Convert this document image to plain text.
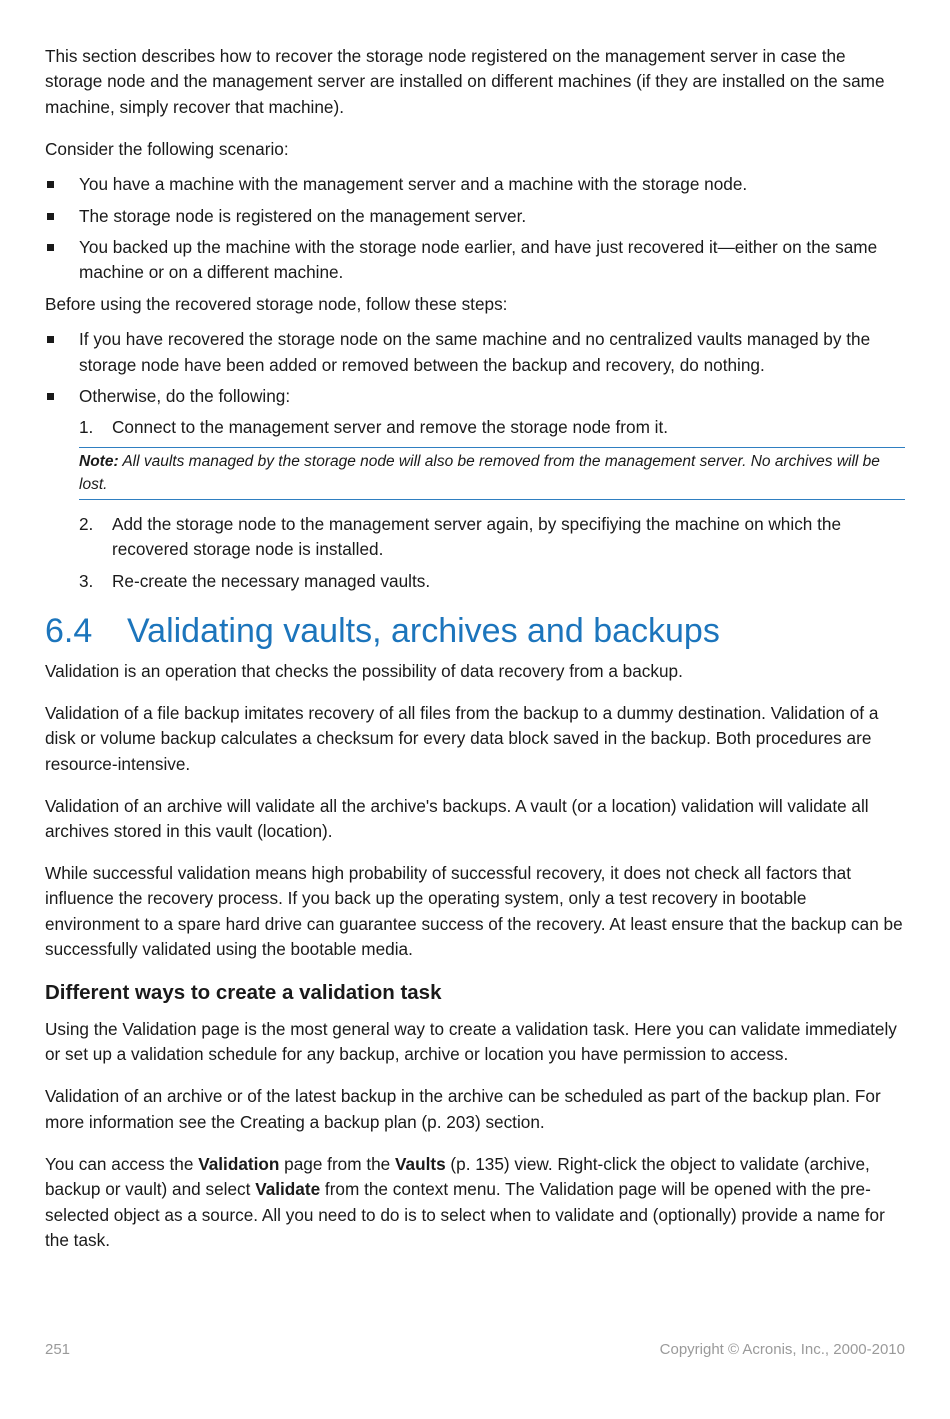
This section describes how to recover the storage node registered on the management server in case the storage node and the management server are installed on different machines (if they are installed on the same machine, simply recover that machine).

Consider the following scenario:

You have a machine with the management server and a machine with the storage node.
The storage node is registered on the management server.
You backed up the machine with the storage node earlier, and have just recovered it—either on the same machine or on a different machine.

Before using the recovered storage node, follow these steps:

If you have recovered the storage node on the same machine and no centralized vaults managed by the storage node have been added or removed between the backup and recovery, do nothing.
Otherwise, do the following:
1. Connect to the management server and remove the storage node from it.
Note: All vaults managed by the storage node will also be removed from the management server. No archives will be lost.
2. Add the storage node to the management server again, by specifiying the machine on which the recovered storage node is installed.
3. Re-create the necessary managed vaults.
6.4 Validating vaults, archives and backups

Validation is an operation that checks the possibility of data recovery from a backup.

Validation of a file backup imitates recovery of all files from the backup to a dummy destination. Validation of a disk or volume backup calculates a checksum for every data block saved in the backup. Both procedures are resource-intensive.

Validation of an archive will validate all the archive's backups. A vault (or a location) validation will validate all archives stored in this vault (location).

While successful validation means high probability of successful recovery, it does not check all factors that influence the recovery process. If you back up the operating system, only a test recovery in bootable environment to a spare hard drive can guarantee success of the recovery. At least ensure that the backup can be successfully validated using the bootable media.

Different ways to create a validation task

Using the Validation page is the most general way to create a validation task. Here you can validate immediately or set up a validation schedule for any backup, archive or location you have permission to access.

Validation of an archive or of the latest backup in the archive can be scheduled as part of the backup plan. For more information see the Creating a backup plan (p. 203) section.

You can access the Validation page from the Vaults (p. 135) view. Right-click the object to validate (archive, backup or vault) and select Validate from the context menu. The Validation page will be opened with the pre-selected object as a source. All you need to do is to select when to validate and (optionally) provide a name for the task.

251	Copyright © Acronis, Inc., 2000-2010
